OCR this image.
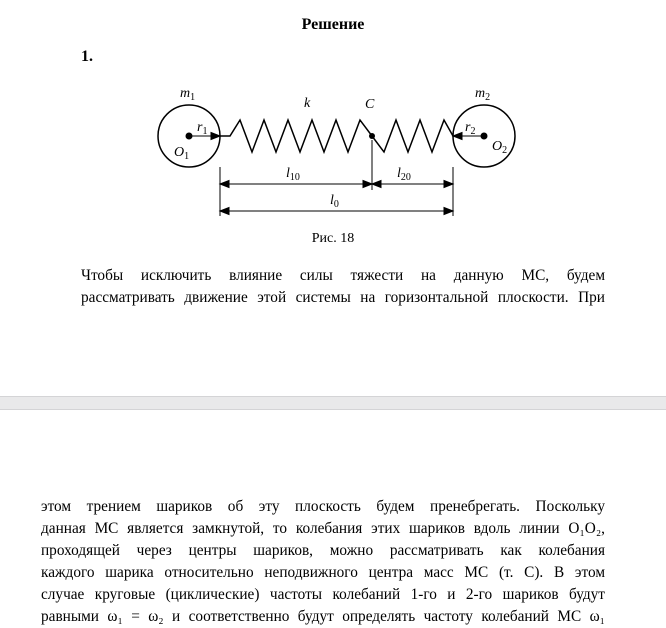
Решение
1.
$m_1$	$m_2$
k	C
$r_1$	$r_2$
$O_1$
$O_2$
$l_{10}$	$l_{20}$
$l_0$
Рис. 18
Чтобы исключить влияние силы тяжести на данную МС, будем
рассматривать движение этой системы на горизонтальной плоскости. При
этом трением шариков об эту плоскость будем пренебрегать. Поскольку
данная МС является замкнутой, то колебания этих шариков вдоль линии O₁O₂,
проходящей через центры шариков, можно рассматривать как колебания
каждого шарика относительно неподвижного центра масс МС (т. С). В этом
случае круговые (циклические) частоты колебаний 1-го и 2-го шариков будут
равными ω₁ = ω₂ и соответственно будут определять частоту колебаний МС ω₁
